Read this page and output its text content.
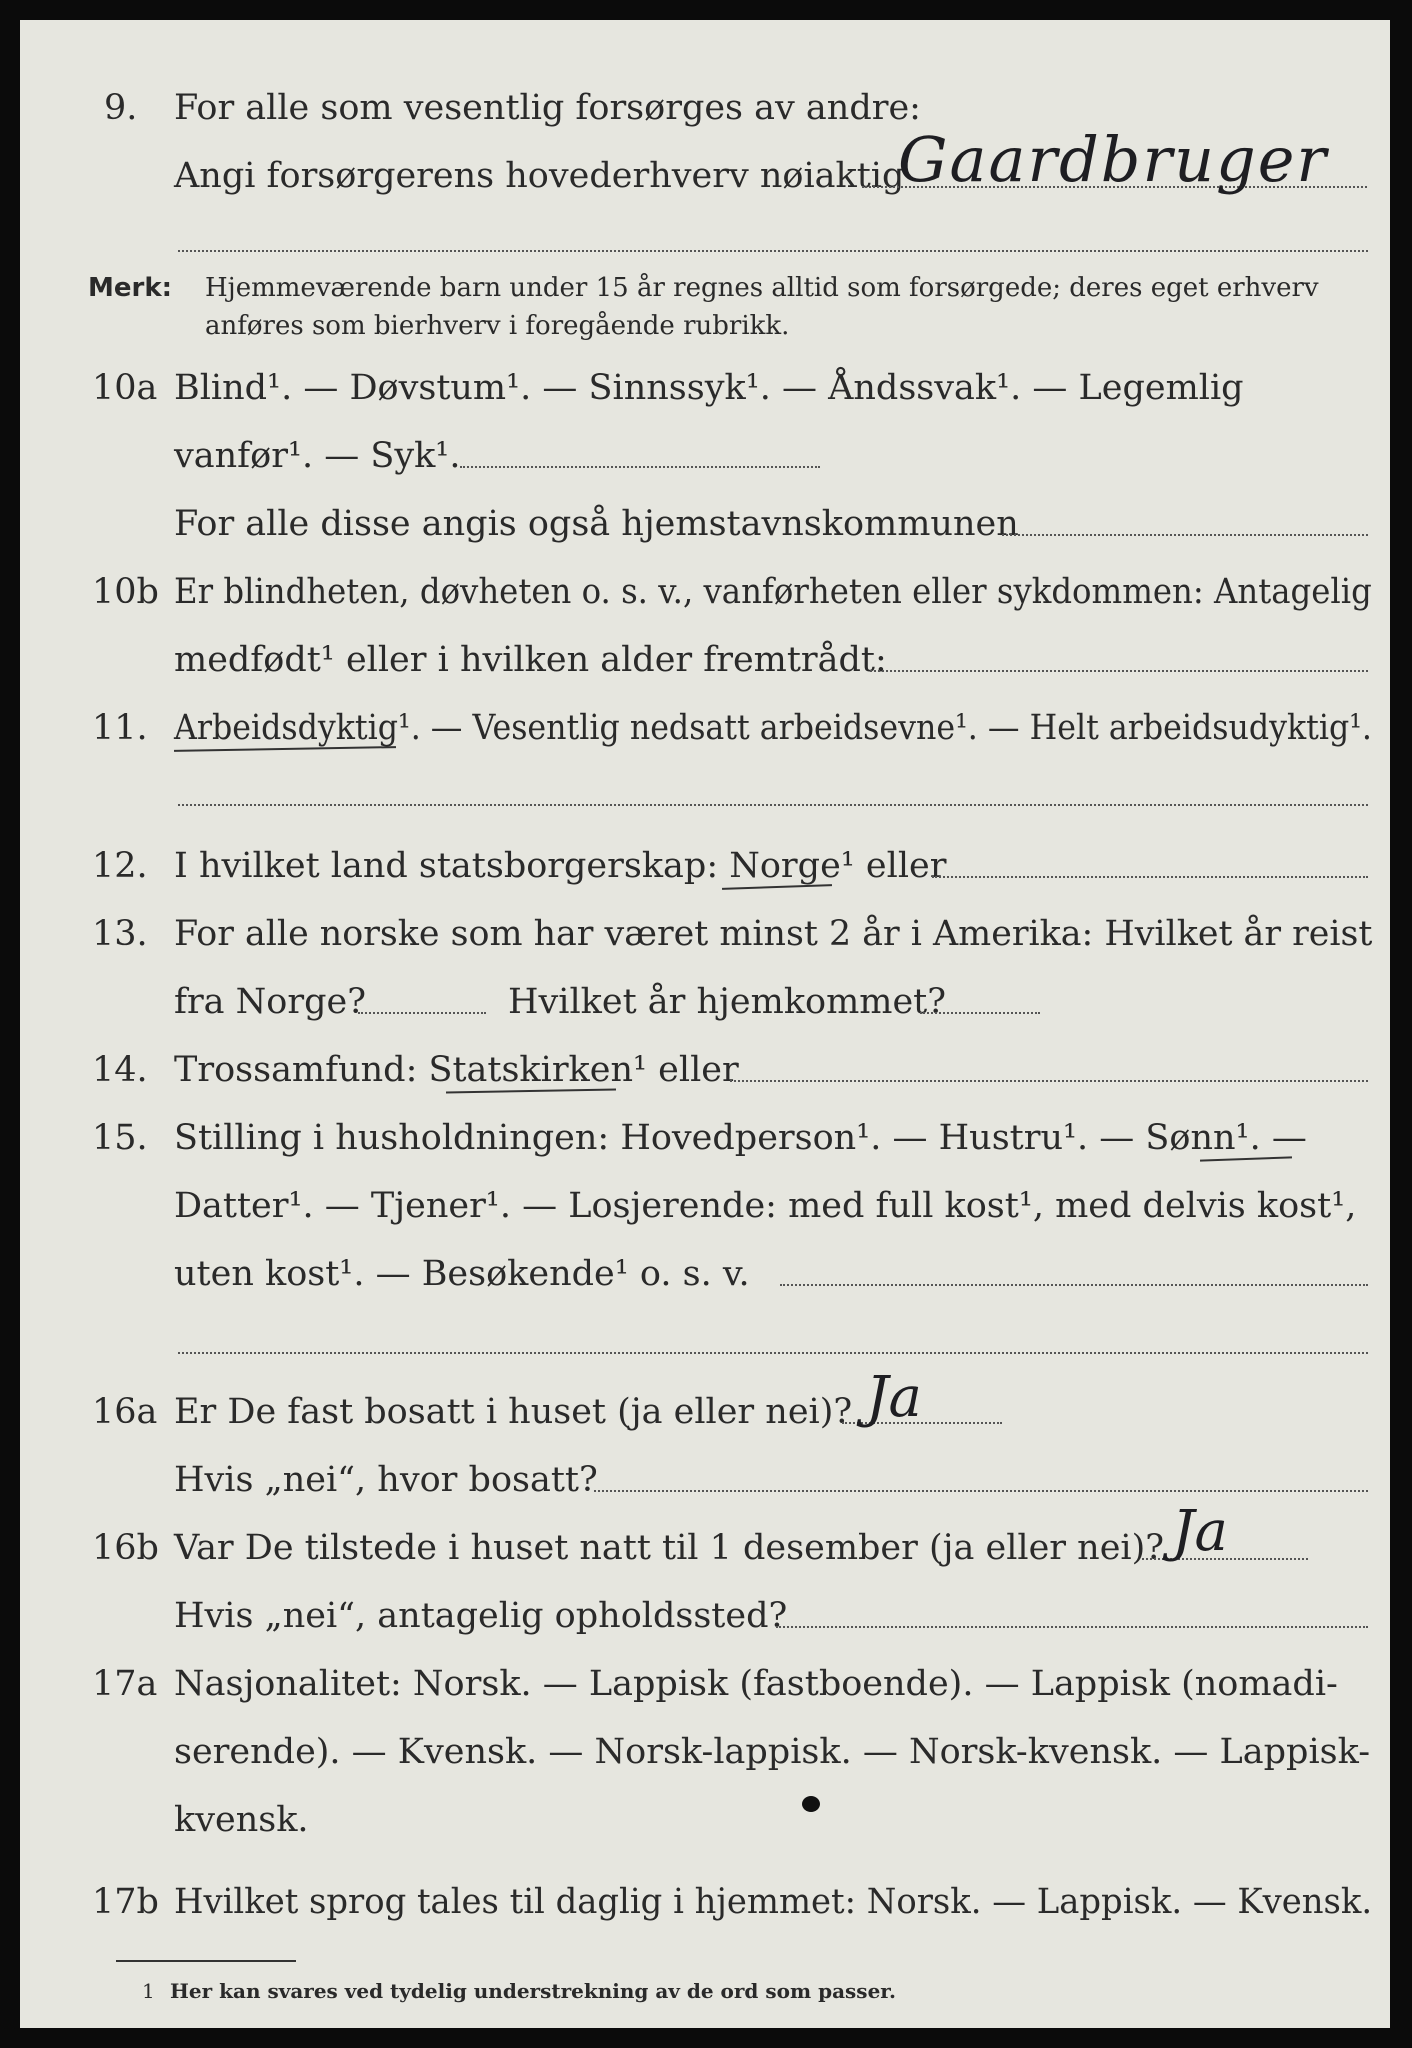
9. For alle som vesentlig forsørges av andre:
Angi forsørgerens hovederhverv nøiaktig
Gaardbruger
Merk: Hjemmeværende barn under 15 år regnes alltid som forsørgede; deres eget erhverv
anføres som bierhverv i foregående rubrikk.
10a Blind¹. — Døvstum¹. — Sinnssyk¹. — Åndssvak¹. — Legemlig
vanfør¹. — Syk¹.
For alle disse angis også hjemstavnskommunen
10b Er blindheten, døvheten o. s. v., vanførheten eller sykdommen: Antagelig
medfødt¹ eller i hvilken alder fremtrådt:
11. Arbeidsdyktig¹. — Vesentlig nedsatt arbeidsevne¹. — Helt arbeidsudyktig¹.
12. I hvilket land statsborgerskap: Norge¹ eller
13. For alle norske som har været minst 2 år i Amerika: Hvilket år reist
fra Norge?	Hvilket år hjemkommet?
14. Trossamfund: Statskirken¹ eller
15. Stilling i husholdningen: Hovedperson¹. — Hustru¹. — Sønn¹. —
Datter¹. — Tjener¹. — Losjerende: med full kost¹, med delvis kost¹,
uten kost¹. — Besøkende¹ o. s. v.
16a Er De fast bosatt i huset (ja eller nei)? Ja
Hvis „nei“, hvor bosatt?
16b Var De tilstede i huset natt til 1 desember (ja eller nei)? Ja
Hvis „nei“, antagelig opholdssted?
17a Nasjonalitet: Norsk. — Lappisk (fastboende). — Lappisk (nomadi-
serende). — Kvensk. — Norsk-lappisk. — Norsk-kvensk. — Lappisk-
kvensk.
17b Hvilket sprog tales til daglig i hjemmet: Norsk. — Lappisk. — Kvensk.
1 Her kan svares ved tydelig understrekning av de ord som passer.
